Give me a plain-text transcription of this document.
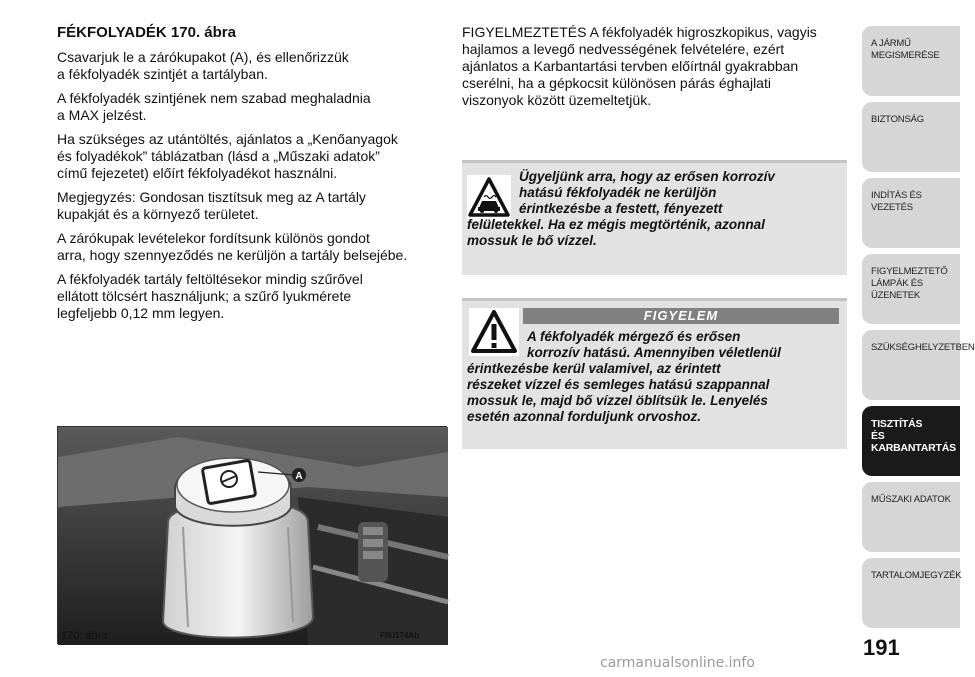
FÉKFOLYADÉK 170. ábra

Csavarjuk le a zárókupakot (A), és ellenőrizzük
a fékfolyadék szintjét a tartályban.

A fékfolyadék szintjének nem szabad meghaladnia
a MAX jelzést.

Ha szükséges az utántöltés, ajánlatos a „Kenőanyagok
és folyadékok” táblázatban (lásd a „Műszaki adatok”
című fejezetet) előírt fékfolyadékot használni.

Megjegyzés: Gondosan tisztítsuk meg az A tartály
kupakját és a környező területet.

A zárókupak levételekor fordítsunk különös gondot
arra, hogy szennyeződés ne kerüljön a tartály belsejébe.

A fékfolyadék tartály feltöltésekor mindig szűrővel
ellátott tölcsért használjunk; a szűrő lyukmérete
legfeljebb 0,12 mm legyen.

FIGYELMEZTETÉS A fékfolyadék higroszkopikus, vagyis
hajlamos a levegő nedvességének felvételére, ezért
ajánlatos a Karbantartási tervben előírtnál gyakrabban
cserélni, ha a gépkocsit különösen párás éghajlati
viszonyok között üzemeltetjük.

Ügyeljünk arra, hogy az erősen korrozív
hatású fékfolyadék ne kerüljön
érintkezésbe a festett, fényezett
felületekkel. Ha ez mégis megtörténik, azonnal
mossuk le bő vízzel.
FIGYELEM
A fékfolyadék mérgező és erősen
korrozív hatású. Amennyiben véletlenül
érintkezésbe kerül valamivel, az érintett
részeket vízzel és semleges hatású szappannal
mossuk le, majd bő vízzel öblítsük le. Lenyelés
esetén azonnal forduljunk orvoshoz.
A
170. ábra	F0U174Ab
A JÁRMŰ
MEGISMERÉSE
BIZTONSÁG
INDÍTÁS ÉS VEZETÉS
FIGYELMEZTETŐ
LÁMPÁK ÉS ÜZENETEK
SZÜKSÉGHELYZETBEN
TISZTÍTÁS
ÉS KARBANTARTÁS
MŰSZAKI ADATOK
TARTALOMJEGYZÉK
191
carmanualsonline.info
